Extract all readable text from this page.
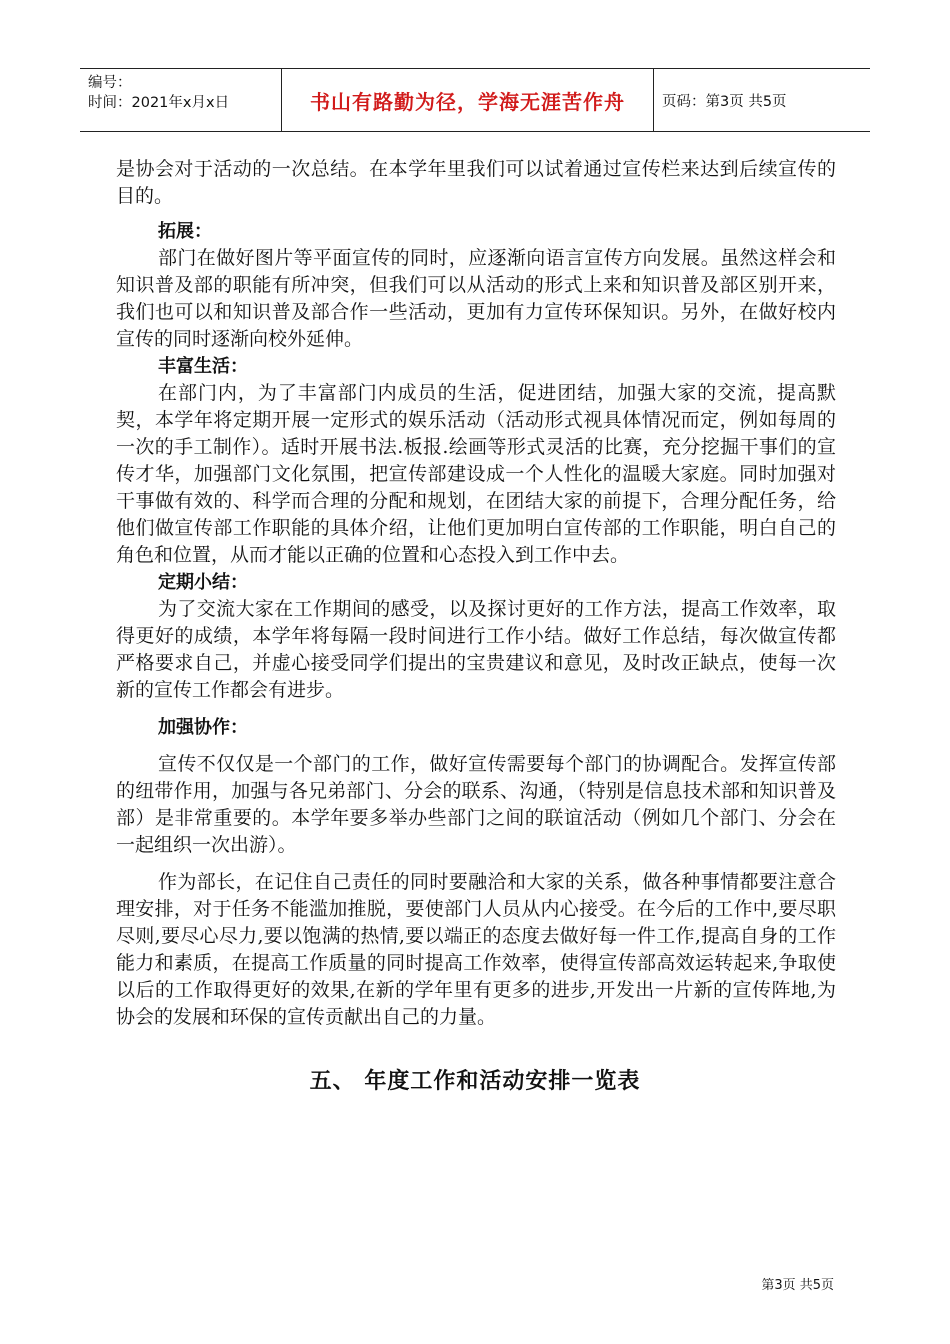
编号：
时间：2021年x月x日	书山有路勤为径，学海无涯苦作舟	页码：第3页 共5页

是协会对于活动的一次总结。在本学年里我们可以试着通过宣传栏来达到后续宣传的目的。

拓展：

部门在做好图片等平面宣传的同时，应逐渐向语言宣传方向发展。虽然这样会和知识普及部的职能有所冲突，但我们可以从活动的形式上来和知识普及部区别开来，我们也可以和知识普及部合作一些活动，更加有力宣传环保知识。另外，在做好校内宣传的同时逐渐向校外延伸。

丰富生活：

在部门内，为了丰富部门内成员的生活，促进团结，加强大家的交流，提高默契，本学年将定期开展一定形式的娱乐活动（活动形式视具体情况而定，例如每周的一次的手工制作）。适时开展书法.板报.绘画等形式灵活的比赛，充分挖掘干事们的宣传才华，加强部门文化氛围，把宣传部建设成一个人性化的温暖大家庭。同时加强对干事做有效的、科学而合理的分配和规划，在团结大家的前提下，合理分配任务，给他们做宣传部工作职能的具体介绍，让他们更加明白宣传部的工作职能，明白自己的角色和位置，从而才能以正确的位置和心态投入到工作中去。

定期小结：

为了交流大家在工作期间的感受，以及探讨更好的工作方法，提高工作效率，取得更好的成绩，本学年将每隔一段时间进行工作小结。做好工作总结，每次做宣传都严格要求自己，并虚心接受同学们提出的宝贵建议和意见，及时改正缺点，使每一次新的宣传工作都会有进步。

加强协作：

宣传不仅仅是一个部门的工作，做好宣传需要每个部门的协调配合。发挥宣传部的纽带作用，加强与各兄弟部门、分会的联系、沟通，（特别是信息技术部和知识普及部）是非常重要的。本学年要多举办些部门之间的联谊活动（例如几个部门、分会在一起组织一次出游）。

作为部长，在记住自己责任的同时要融洽和大家的关系，做各种事情都要注意合理安排，对于任务不能滥加推脱，要使部门人员从内心接受。在今后的工作中,要尽职尽则,要尽心尽力,要以饱满的热情,要以端正的态度去做好每一件工作,提高自身的工作能力和素质，在提高工作质量的同时提高工作效率，使得宣传部高效运转起来,争取使以后的工作取得更好的效果,在新的学年里有更多的进步,开发出一片新的宣传阵地,为协会的发展和环保的宣传贡献出自己的力量。

五、 年度工作和活动安排一览表
第3页 共5页
